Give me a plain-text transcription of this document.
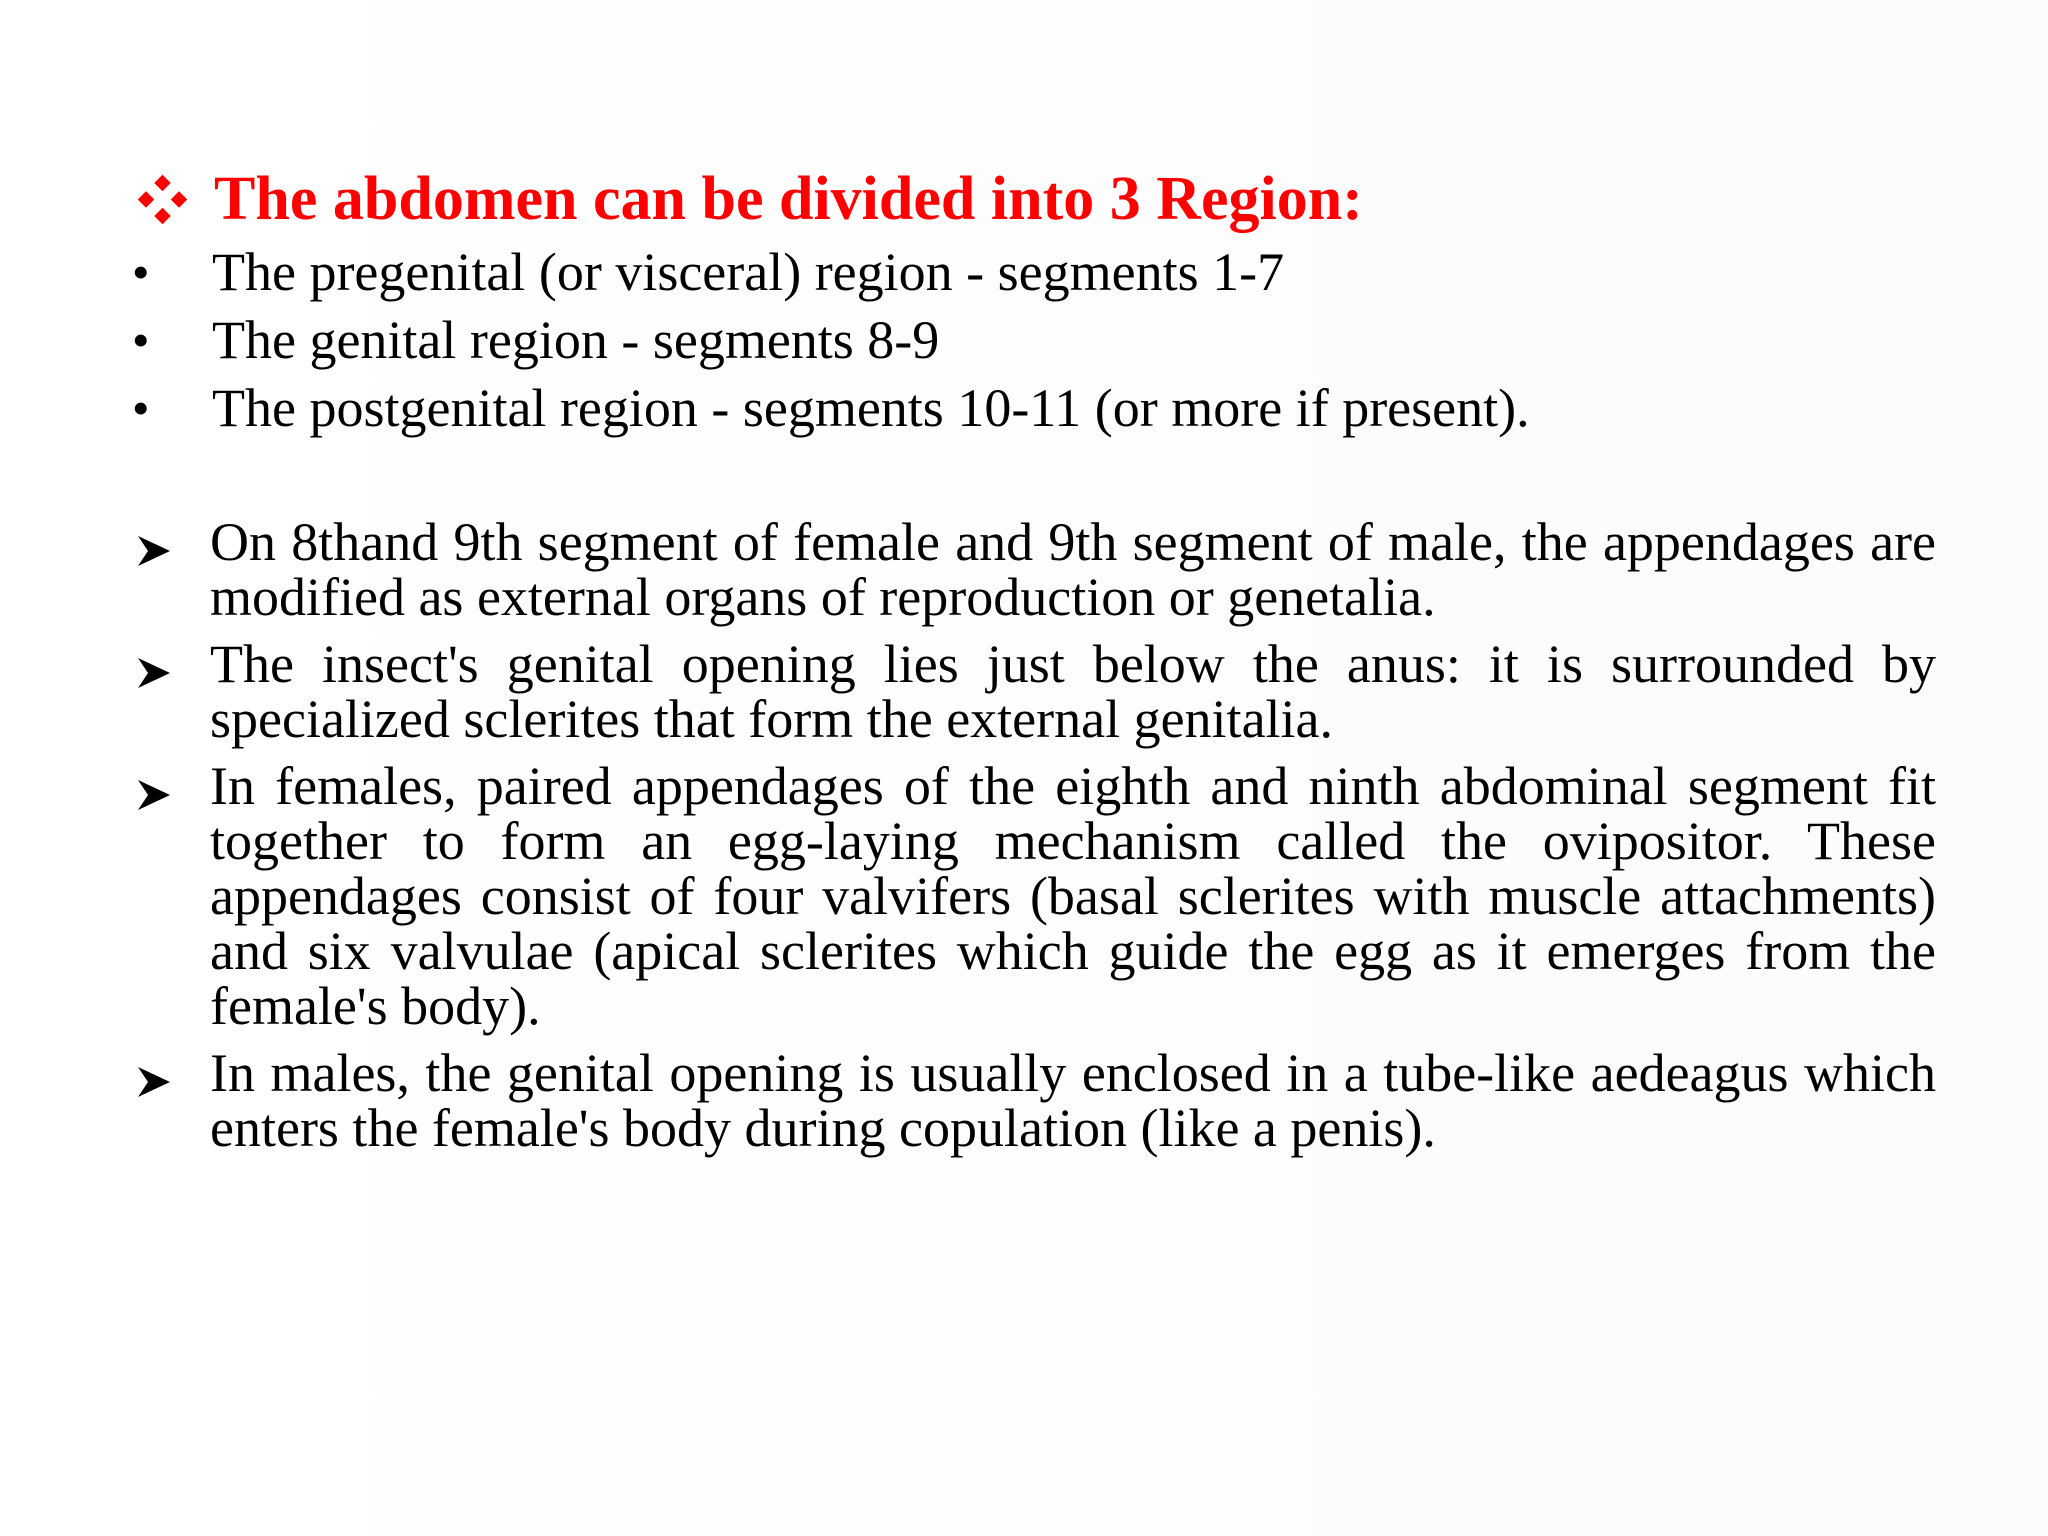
The abdomen can be divided into 3 Region:
•	The pregenital (or visceral) region - segments 1-7
•	The genital region - segments 8-9
•	The postgenital region - segments 10-11 (or more if present).
On 8thand 9th segment of female and 9th segment of male, the appendages are modified as external organs of reproduction or genetalia.
The insect's genital opening lies just below the anus: it is surrounded by specialized sclerites that form the external genitalia.
In females, paired appendages of the eighth and ninth abdominal segment fit together to form an egg-laying mechanism called the ovipositor. These appendages consist of four valvifers (basal sclerites with muscle attachments) and six valvulae (apical sclerites which guide the egg as it emerges from the female's body).
In males, the genital opening is usually enclosed in a tube-like aedeagus which enters the female's body during copulation (like a penis).
